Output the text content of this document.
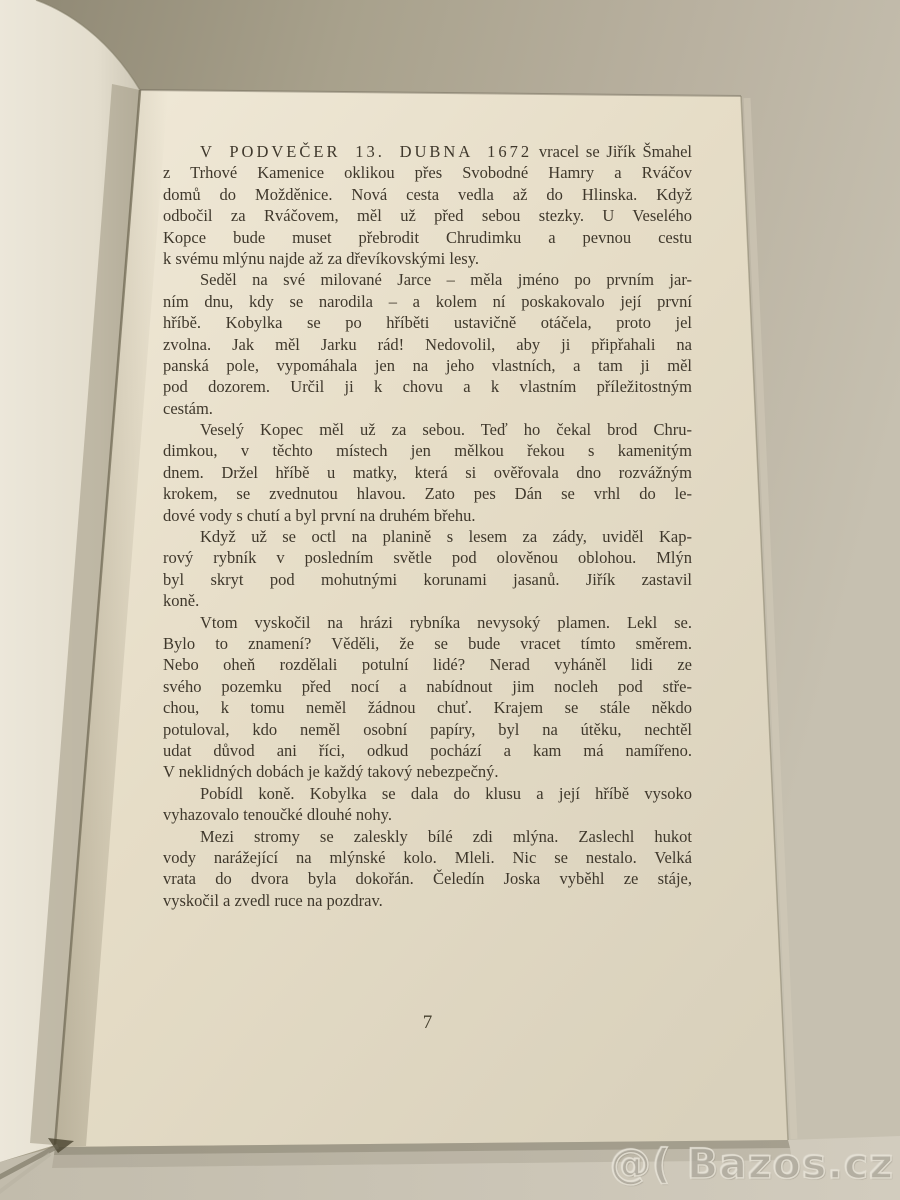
V PODVEČER 13. DUBNA 1672 vracel se Jiřík Šmahel
z Trhové Kamenice oklikou přes Svobodné Hamry a Rváčov
domů do Možděnice. Nová cesta vedla až do Hlinska. Když
odbočil za Rváčovem, měl už před sebou stezky. U Veselého
Kopce bude muset přebrodit Chrudimku a pevnou cestu
k svému mlýnu najde až za dřevíkovskými lesy.
Seděl na své milované Jarce – měla jméno po prvním jar-
ním dnu, kdy se narodila – a kolem ní poskakovalo její první
hříbě. Kobylka se po hříběti ustavičně otáčela, proto jel
zvolna. Jak měl Jarku rád! Nedovolil, aby ji připřahali na
panská pole, vypomáhala jen na jeho vlastních, a tam ji měl
pod dozorem. Určil ji k chovu a k vlastním příležitostným
cestám.
Veselý Kopec měl už za sebou. Teď ho čekal brod Chru-
dimkou, v těchto místech jen mělkou řekou s kamenitým
dnem. Držel hříbě u matky, která si ověřovala dno rozvážným
krokem, se zvednutou hlavou. Zato pes Dán se vrhl do le-
dové vody s chutí a byl první na druhém břehu.
Když už se octl na planině s lesem za zády, uviděl Kap-
rový rybník v posledním světle pod olověnou oblohou. Mlýn
byl skryt pod mohutnými korunami jasanů. Jiřík zastavil
koně.
Vtom vyskočil na hrázi rybníka nevysoký plamen. Lekl se.
Bylo to znamení? Věděli, že se bude vracet tímto směrem.
Nebo oheň rozdělali potulní lidé? Nerad vyháněl lidi ze
svého pozemku před nocí a nabídnout jim nocleh pod stře-
chou, k tomu neměl žádnou chuť. Krajem se stále někdo
potuloval, kdo neměl osobní papíry, byl na útěku, nechtěl
udat důvod ani říci, odkud pochází a kam má namířeno.
V neklidných dobách je každý takový nebezpečný.
Pobídl koně. Kobylka se dala do klusu a její hříbě vysoko
vyhazovalo tenoučké dlouhé nohy.
Mezi stromy se zaleskly bílé zdi mlýna. Zaslechl hukot
vody narážející na mlýnské kolo. Mleli. Nic se nestalo. Velká
vrata do dvora byla dokořán. Čeledín Joska vyběhl ze stáje,
vyskočil a zvedl ruce na pozdrav.
7
@( Bazos.cz
